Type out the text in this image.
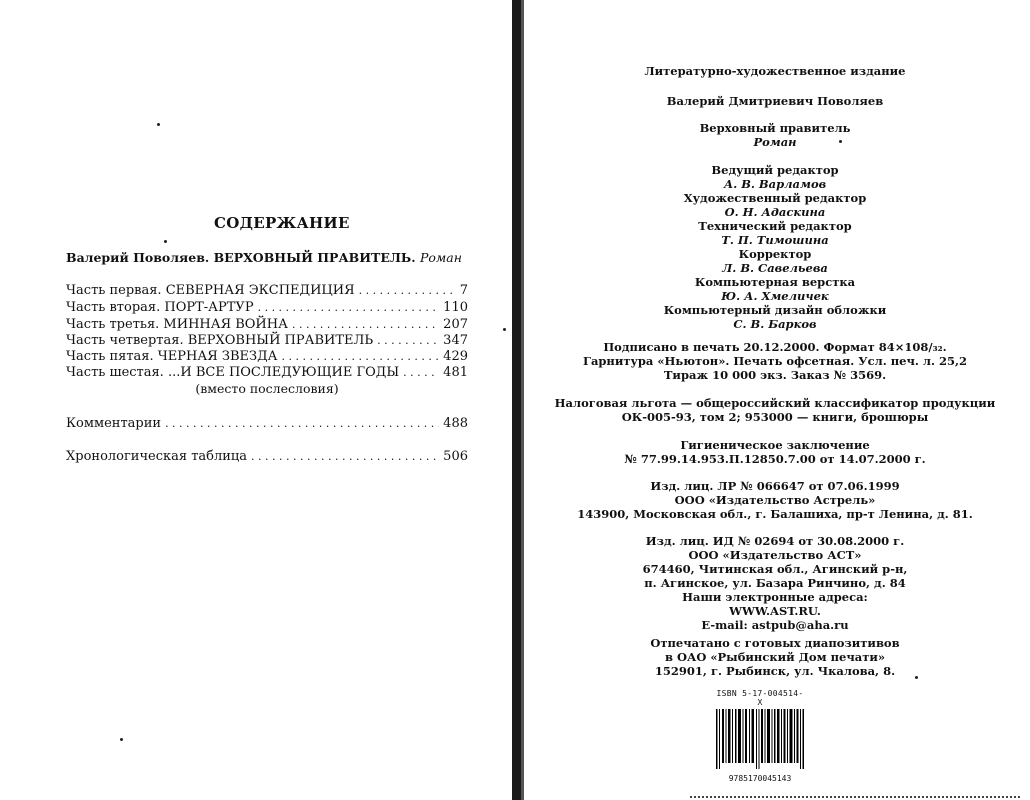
СОДЕРЖАНИЕ
Валерий Поволяев. ВЕРХОВНЫЙ ПРАВИТЕЛЬ. Роман
Часть первая. СЕВЕРНАЯ ЭКСПЕДИЦИЯ . . .	7
Часть вторая. ПОРТ-АРТУР . . .	110
Часть третья. МИННАЯ ВОЙНА . . .	207
Часть четвертая. ВЕРХОВНЫЙ ПРАВИТЕЛЬ . . .	347
Часть пятая. ЧЕРНАЯ ЗВЕЗДА . . .	429
Часть шестая. ...И ВСЕ ПОСЛЕДУЮЩИЕ ГОДЫ . . .	481
(вместо послесловия)
Комментарии . . .	488
Хронологическая таблица . . .	506
Литературно-художественное издание
Валерий Дмитриевич Поволяев
Верховный правитель
Роман
Ведущий редактор
А. В. Варламов
Художественный редактор
О. Н. Адаскина
Технический редактор
Т. П. Тимошина
Корректор
Л. В. Савельева
Компьютерная верстка
Ю. А. Хмеличек
Компьютерный дизайн обложки
С. В. Барков
Подписано в печать 20.12.2000. Формат 84×108/₃₂.
Гарнитура «Ньютон». Печать офсетная. Усл. печ. л. 25,2
Тираж 10 000 экз. Заказ № 3569.
Налоговая льгота — общероссийский классификатор продукции
ОК-005-93, том 2; 953000 — книги, брошюры
Гигиеническое заключение
№ 77.99.14.953.П.12850.7.00 от 14.07.2000 г.
Изд. лиц. ЛР № 066647 от 07.06.1999
ООО «Издательство Астрель»
143900, Московская обл., г. Балашиха, пр-т Ленина, д. 81.
Изд. лиц. ИД № 02694 от 30.08.2000 г.
ООО «Издательство АСТ»
674460, Читинская обл., Агинский р-н,
п. Агинское, ул. Базара Ринчино, д. 84
Наши электронные адреса:
WWW.AST.RU.
E-mail: astpub@aha.ru
Отпечатано с готовых диапозитивов
в ОАО «Рыбинский Дом печати»
152901, г. Рыбинск, ул. Чкалова, 8.
ISBN 5-17-004514-X
9785170045143
